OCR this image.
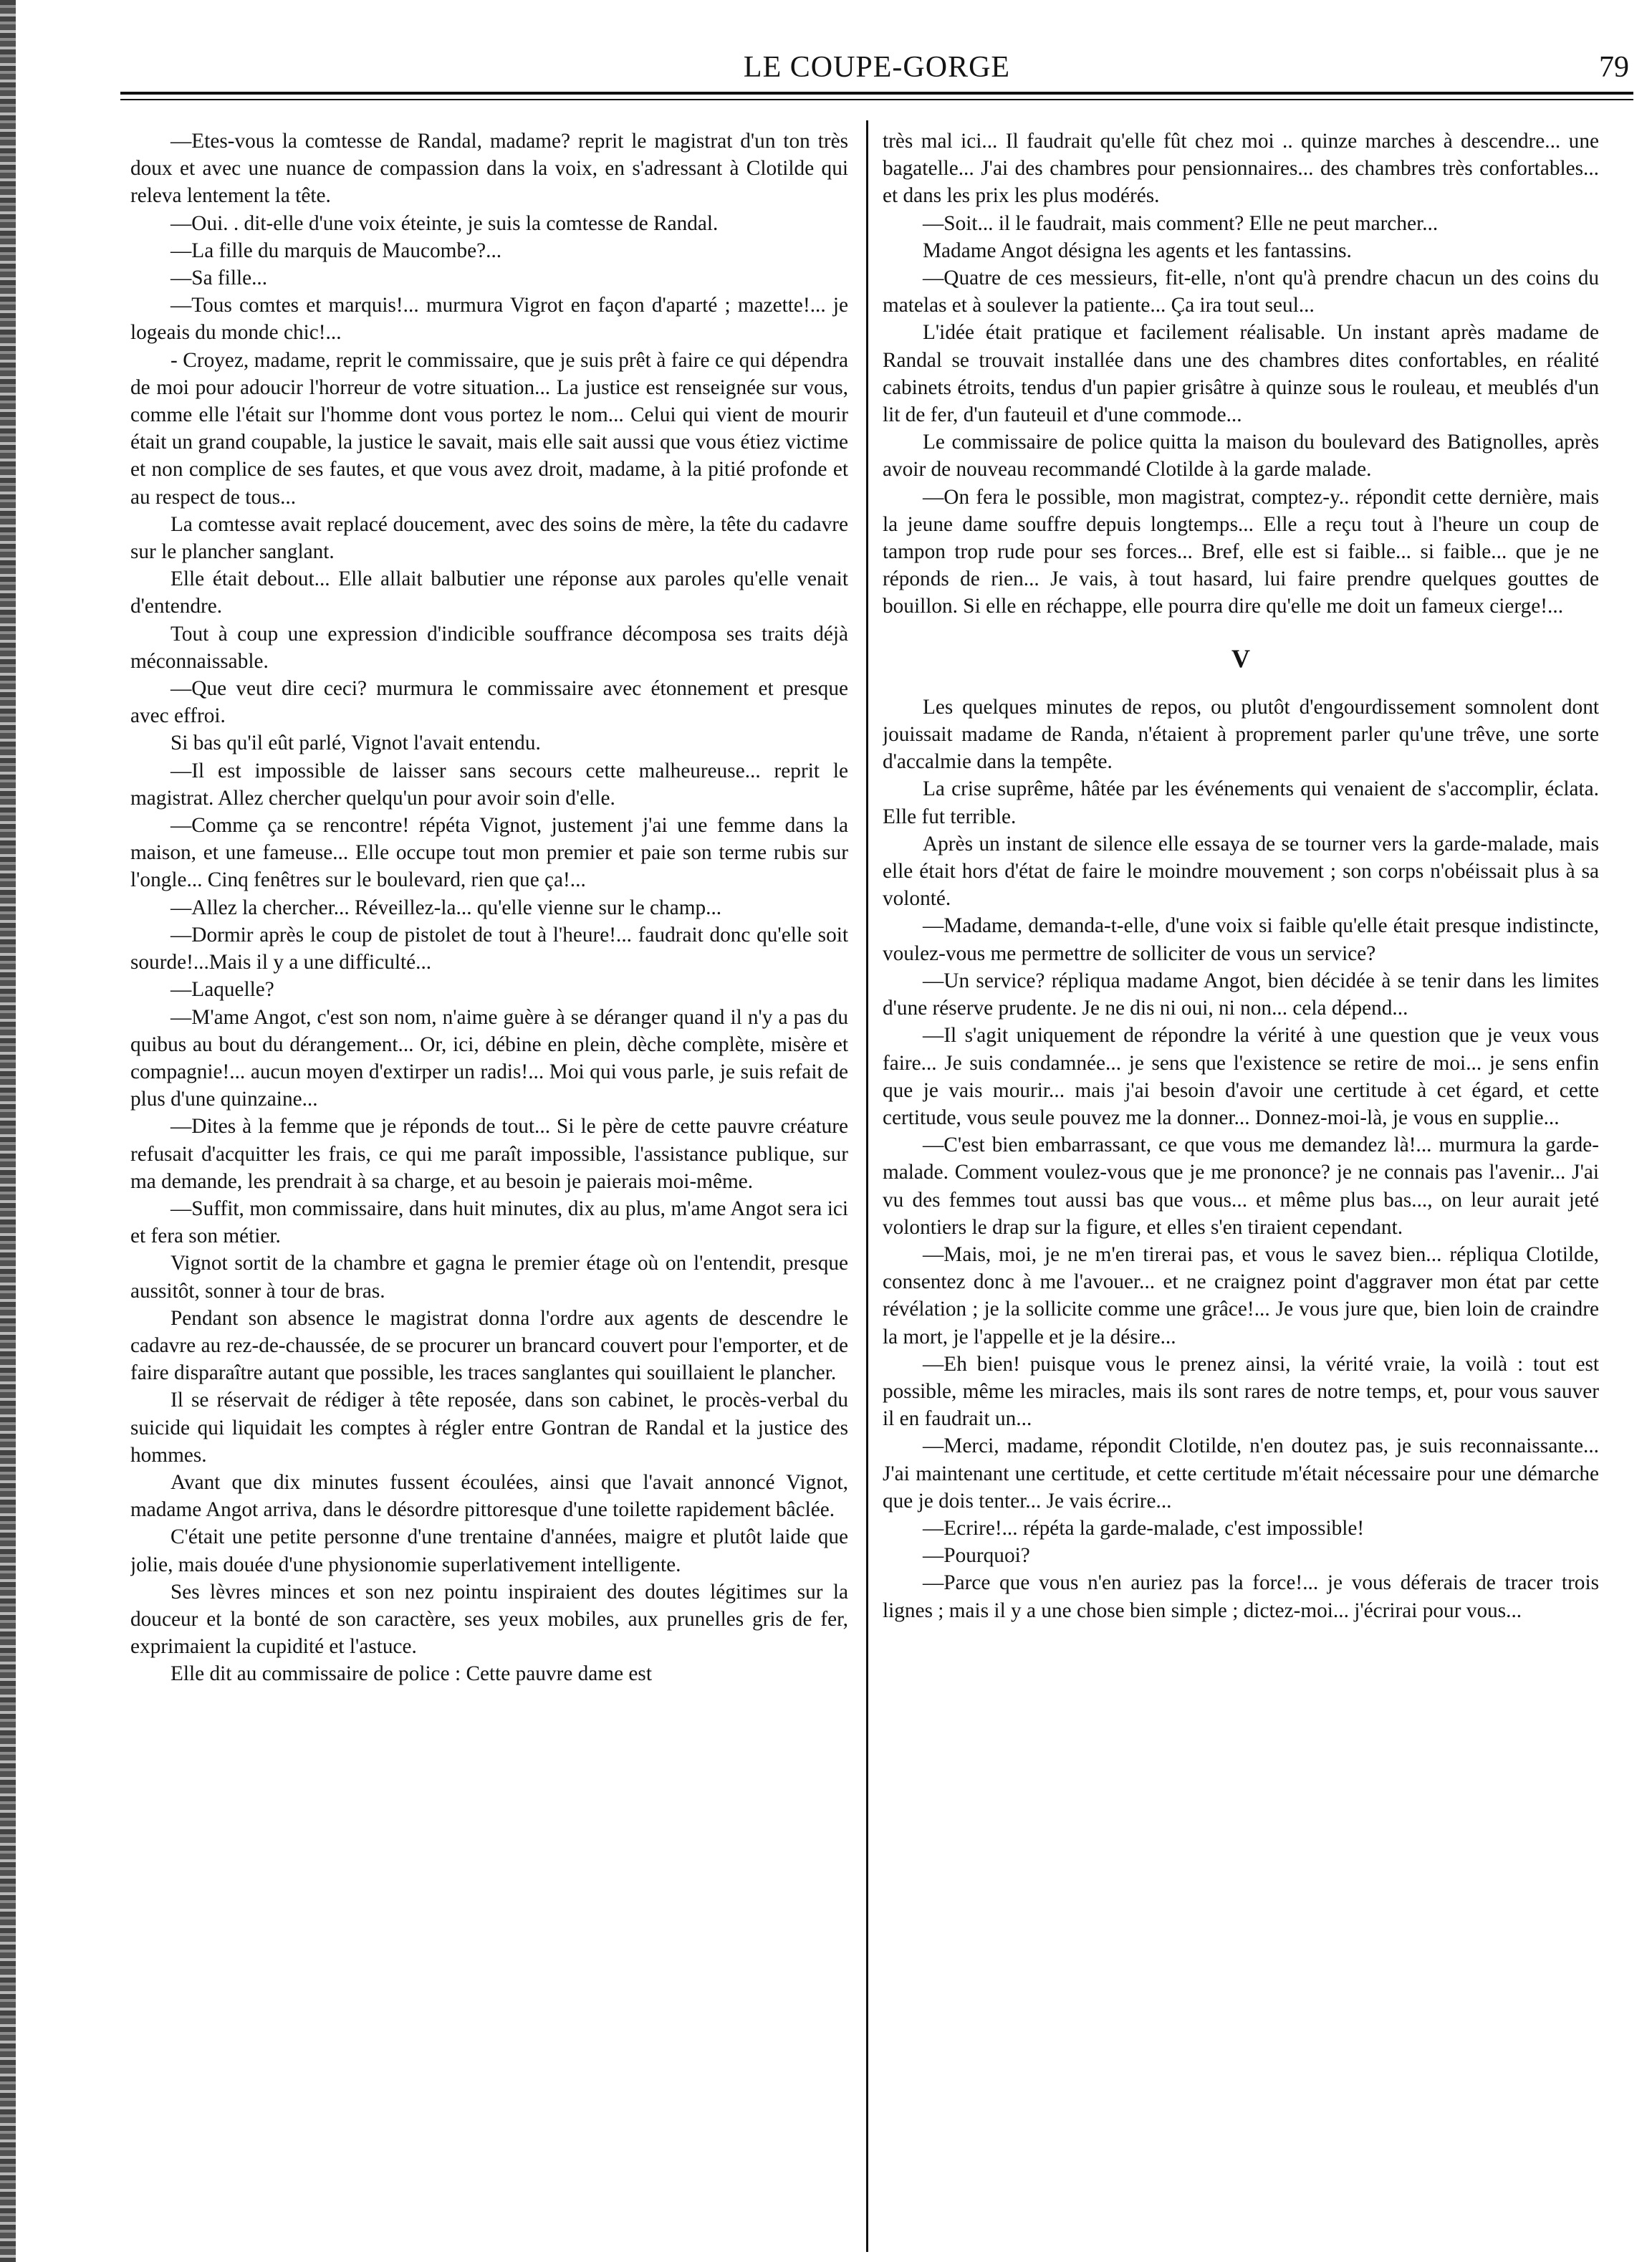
LE COUPE-GORGE	79

—Etes-vous la comtesse de Randal, madame? reprit le magistrat d'un ton très doux et avec une nuance de compassion dans la voix, en s'adressant à Clotilde qui releva lentement la tête.

—Oui. . dit-elle d'une voix éteinte, je suis la comtesse de Randal.

—La fille du marquis de Maucombe?...

—Sa fille...

—Tous comtes et marquis!... murmura Vigrot en façon d'aparté ; mazette!... je logeais du monde chic!...

- Croyez, madame, reprit le commissaire, que je suis prêt à faire ce qui dépendra de moi pour adoucir l'horreur de votre situation... La justice est renseignée sur vous, comme elle l'était sur l'homme dont vous portez le nom... Celui qui vient de mourir était un grand coupable, la justice le savait, mais elle sait aussi que vous étiez victime et non complice de ses fautes, et que vous avez droit, madame, à la pitié profonde et au respect de tous...

La comtesse avait replacé doucement, avec des soins de mère, la tête du cadavre sur le plancher sanglant.

Elle était debout... Elle allait balbutier une réponse aux paroles qu'elle venait d'entendre.

Tout à coup une expression d'indicible souffrance décomposa ses traits déjà méconnaissable.

—Que veut dire ceci? murmura le commissaire avec étonnement et presque avec effroi.

Si bas qu'il eût parlé, Vignot l'avait entendu.

—Il est impossible de laisser sans secours cette malheureuse... reprit le magistrat. Allez chercher quelqu'un pour avoir soin d'elle.

—Comme ça se rencontre! répéta Vignot, justement j'ai une femme dans la maison, et une fameuse... Elle occupe tout mon premier et paie son terme rubis sur l'ongle... Cinq fenêtres sur le boulevard, rien que ça!...

—Allez la chercher... Réveillez-la... qu'elle vienne sur le champ...

—Dormir après le coup de pistolet de tout à l'heure!... faudrait donc qu'elle soit sourde!...Mais il y a une difficulté...

—Laquelle?

—M'ame Angot, c'est son nom, n'aime guère à se déranger quand il n'y a pas du quibus au bout du dérangement... Or, ici, débine en plein, dèche complète, misère et compagnie!... aucun moyen d'extirper un radis!... Moi qui vous parle, je suis refait de plus d'une quinzaine...

—Dites à la femme que je réponds de tout... Si le père de cette pauvre créature refusait d'acquitter les frais, ce qui me paraît impossible, l'assistance publique, sur ma demande, les prendrait à sa charge, et au besoin je paierais moi-même.

—Suffit, mon commissaire, dans huit minutes, dix au plus, m'ame Angot sera ici et fera son métier.

Vignot sortit de la chambre et gagna le premier étage où on l'entendit, presque aussitôt, sonner à tour de bras.

Pendant son absence le magistrat donna l'ordre aux agents de descendre le cadavre au rez-de-chaussée, de se procurer un brancard couvert pour l'emporter, et de faire disparaître autant que possible, les traces sanglantes qui souillaient le plancher.

Il se réservait de rédiger à tête reposée, dans son cabinet, le procès-verbal du suicide qui liquidait les comptes à régler entre Gontran de Randal et la justice des hommes.

Avant que dix minutes fussent écoulées, ainsi que l'avait annoncé Vignot, madame Angot arriva, dans le désordre pittoresque d'une toilette rapidement bâclée.

C'était une petite personne d'une trentaine d'années, maigre et plutôt laide que jolie, mais douée d'une physionomie superlativement intelligente.

Ses lèvres minces et son nez pointu inspiraient des doutes légitimes sur la douceur et la bonté de son caractère, ses yeux mobiles, aux prunelles gris de fer, exprimaient la cupidité et l'astuce.

Elle dit au commissaire de police : Cette pauvre dame est

très mal ici... Il faudrait qu'elle fût chez moi .. quinze marches à descendre... une bagatelle... J'ai des chambres pour pensionnaires... des chambres très confortables... et dans les prix les plus modérés.

—Soit... il le faudrait, mais comment? Elle ne peut marcher...

Madame Angot désigna les agents et les fantassins.

—Quatre de ces messieurs, fit-elle, n'ont qu'à prendre chacun un des coins du matelas et à soulever la patiente... Ça ira tout seul...

L'idée était pratique et facilement réalisable. Un instant après madame de Randal se trouvait installée dans une des chambres dites confortables, en réalité cabinets étroits, tendus d'un papier grisâtre à quinze sous le rouleau, et meublés d'un lit de fer, d'un fauteuil et d'une commode...

Le commissaire de police quitta la maison du boulevard des Batignolles, après avoir de nouveau recommandé Clotilde à la garde malade.

—On fera le possible, mon magistrat, comptez-y.. répondit cette dernière, mais la jeune dame souffre depuis longtemps... Elle a reçu tout à l'heure un coup de tampon trop rude pour ses forces... Bref, elle est si faible... si faible... que je ne réponds de rien... Je vais, à tout hasard, lui faire prendre quelques gouttes de bouillon. Si elle en réchappe, elle pourra dire qu'elle me doit un fameux cierge!...

V

Les quelques minutes de repos, ou plutôt d'engourdissement somnolent dont jouissait madame de Randa, n'étaient à proprement parler qu'une trêve, une sorte d'accalmie dans la tempête.

La crise suprême, hâtée par les événements qui venaient de s'accomplir, éclata. Elle fut terrible.

Après un instant de silence elle essaya de se tourner vers la garde-malade, mais elle était hors d'état de faire le moindre mouvement ; son corps n'obéissait plus à sa volonté.

—Madame, demanda-t-elle, d'une voix si faible qu'elle était presque indistincte, voulez-vous me permettre de solliciter de vous un service?

—Un service? répliqua madame Angot, bien décidée à se tenir dans les limites d'une réserve prudente. Je ne dis ni oui, ni non... cela dépend...

—Il s'agit uniquement de répondre la vérité à une question que je veux vous faire... Je suis condamnée... je sens que l'existence se retire de moi... je sens enfin que je vais mourir... mais j'ai besoin d'avoir une certitude à cet égard, et cette certitude, vous seule pouvez me la donner... Donnez-moi-là, je vous en supplie...

—C'est bien embarrassant, ce que vous me demandez là!... murmura la garde-malade. Comment voulez-vous que je me prononce? je ne connais pas l'avenir... J'ai vu des femmes tout aussi bas que vous... et même plus bas..., on leur aurait jeté volontiers le drap sur la figure, et elles s'en tiraient cependant.

—Mais, moi, je ne m'en tirerai pas, et vous le savez bien... répliqua Clotilde, consentez donc à me l'avouer... et ne craignez point d'aggraver mon état par cette révélation ; je la sollicite comme une grâce!... Je vous jure que, bien loin de craindre la mort, je l'appelle et je la désire...

—Eh bien! puisque vous le prenez ainsi, la vérité vraie, la voilà : tout est possible, même les miracles, mais ils sont rares de notre temps, et, pour vous sauver il en faudrait un...

—Merci, madame, répondit Clotilde, n'en doutez pas, je suis reconnaissante... J'ai maintenant une certitude, et cette certitude m'était nécessaire pour une démarche que je dois tenter... Je vais écrire...

—Ecrire!... répéta la garde-malade, c'est impossible!

—Pourquoi?

—Parce que vous n'en auriez pas la force!... je vous déferais de tracer trois lignes ; mais il y a une chose bien simple ; dictez-moi... j'écrirai pour vous...
